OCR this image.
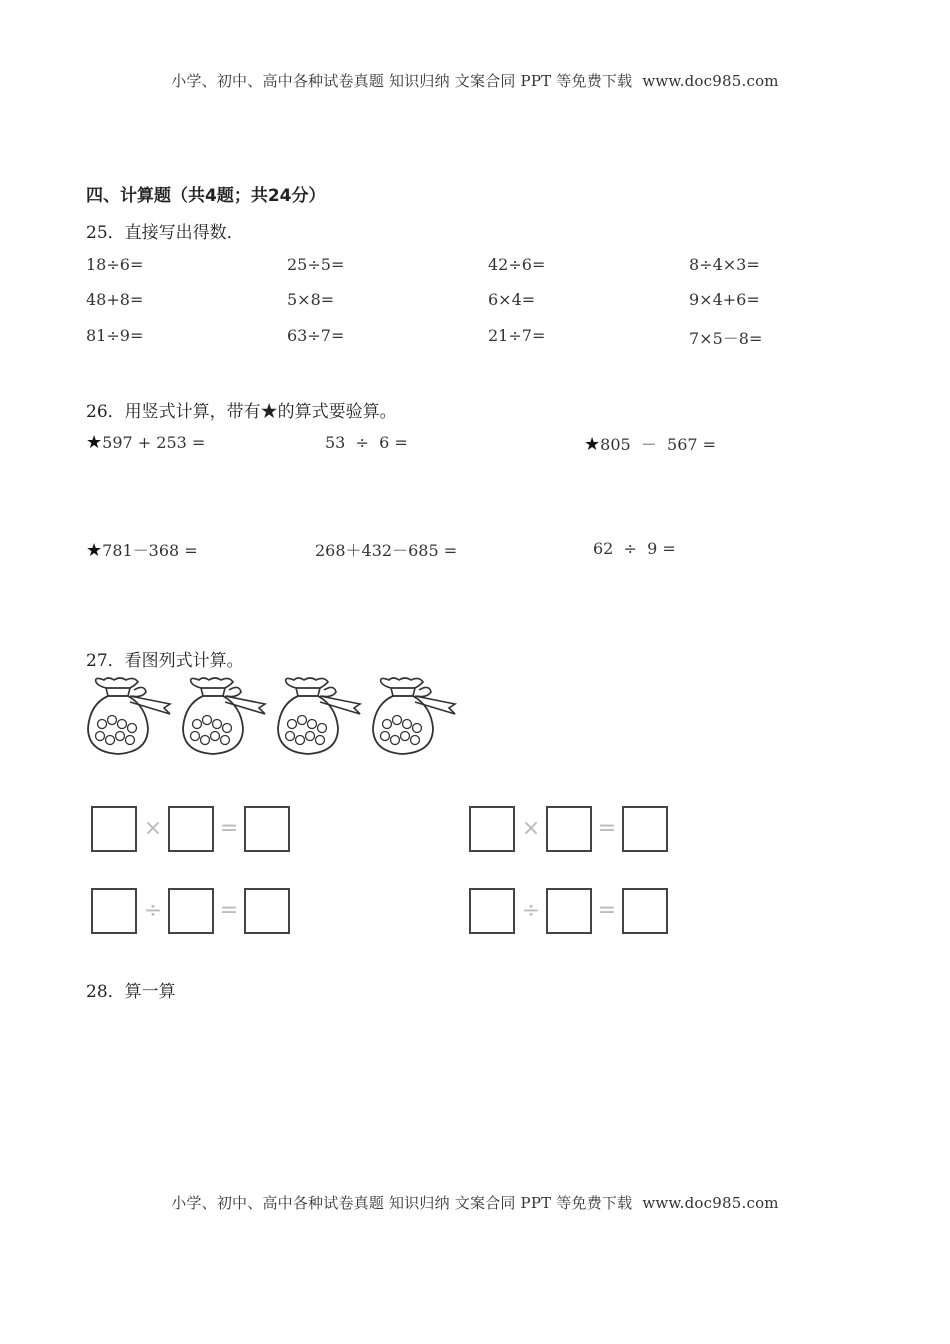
小学、初中、高中各种试卷真题 知识归纳 文案合同 PPT 等免费下载 www.doc985.com
四、计算题（共4题；共24分）
25．直接写出得数．
18÷6=	25÷5=	42÷6=	8÷4×3=
48+8=	5×8=	6×4=	9×4+6=
81÷9=	63÷7=	21÷7=	7×5－8=
26．用竖式计算，带有★的算式要验算。
★597 + 253 =	53  ÷  6 =	★805  －  567 =
★781－368 =	268＋432－685 =	62  ÷  9 =
27．看图列式计算。
×	=	×	=
÷	=	÷	=
28．算一算
小学、初中、高中各种试卷真题 知识归纳 文案合同 PPT 等免费下载 www.doc985.com
